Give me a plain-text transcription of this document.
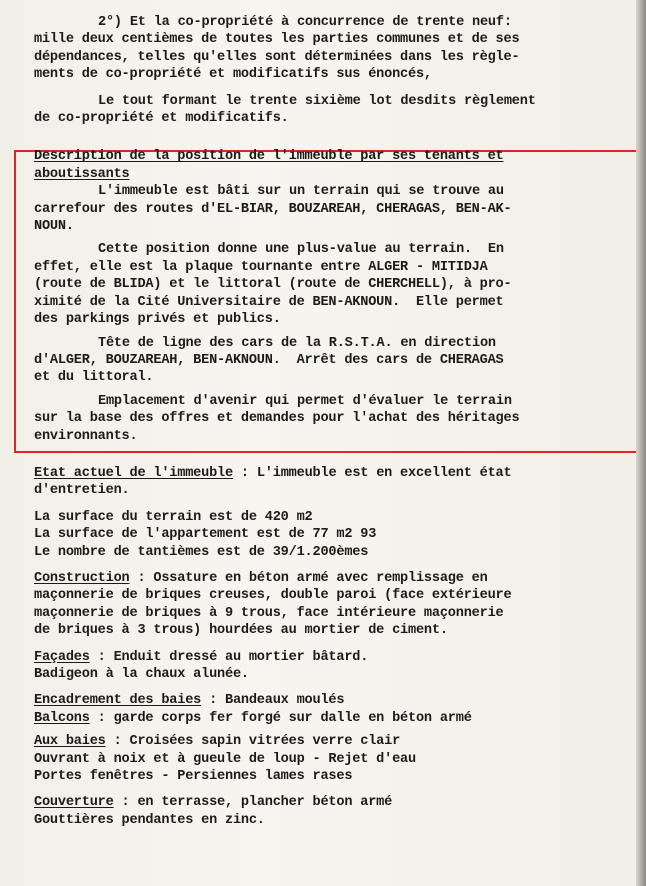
2°) Et la co-propriété à concurrence de trente neuf:
mille deux centièmes de toutes les parties communes et de ses
dépendances, telles qu'elles sont déterminées dans les règle-
ments de co-propriété et modificatifs sus énoncés,
Le tout formant le trente sixième lot desdits règlement
de co-propriété et modificatifs.
Description de la position de l'immeuble par ses tenants et
aboutissants
L'immeuble est bâti sur un terrain qui se trouve au
carrefour des routes d'EL-BIAR, BOUZAREAH, CHERAGAS, BEN-AK-
NOUN.
Cette position donne une plus-value au terrain.  En
effet, elle est la plaque tournante entre ALGER - MITIDJA
(route de BLIDA) et le littoral (route de CHERCHELL), à pro-
ximité de la Cité Universitaire de BEN-AKNOUN.  Elle permet
des parkings privés et publics.
Tête de ligne des cars de la R.S.T.A. en direction
d'ALGER, BOUZAREAH, BEN-AKNOUN.  Arrêt des cars de CHERAGAS
et du littoral.
Emplacement d'avenir qui permet d'évaluer le terrain
sur la base des offres et demandes pour l'achat des héritages
environnants.
Etat actuel de l'immeuble : L'immeuble est en excellent état
d'entretien.
La surface du terrain est de 420 m2
La surface de l'appartement est de 77 m2 93
Le nombre de tantièmes est de 39/1.200èmes
Construction : Ossature en béton armé avec remplissage en
maçonnerie de briques creuses, double paroi (face extérieure
maçonnerie de briques à 9 trous, face intérieure maçonnerie
de briques à 3 trous) hourdées au mortier de ciment.
Façades : Enduit dressé au mortier bâtard.
Badigeon à la chaux alunée.
Encadrement des baies : Bandeaux moulés
Balcons : garde corps fer forgé sur dalle en béton armé
Aux baies : Croisées sapin vitrées verre clair
Ouvrant à noix et à gueule de loup - Rejet d'eau
Portes fenêtres - Persiennes lames rases
Couverture : en terrasse, plancher béton armé
Gouttières pendantes en zinc.
